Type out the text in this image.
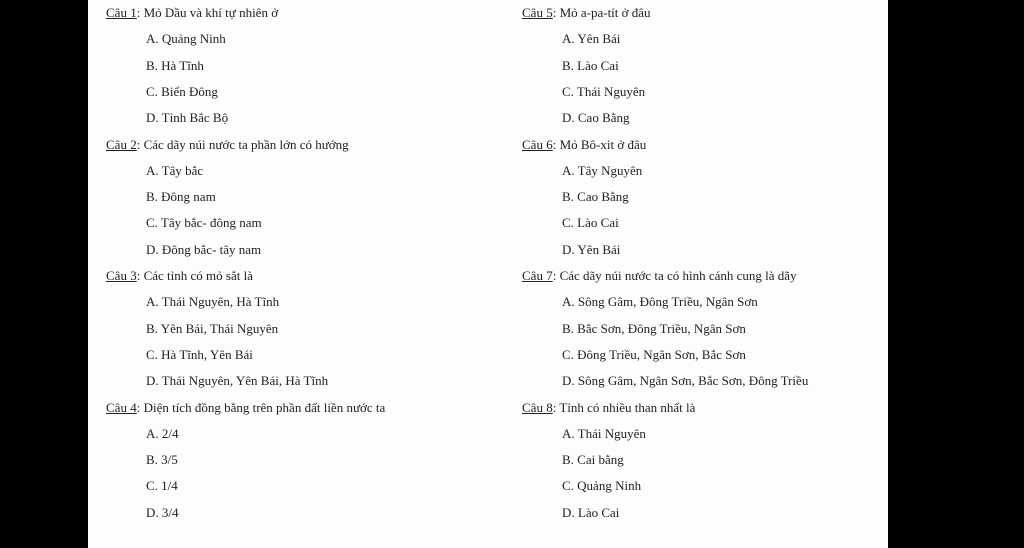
Câu 1: Mỏ Dầu và khí tự nhiên ở
A. Quảng Ninh
B. Hà Tĩnh
C. Biển Đông
D. Tỉnh Bắc Bộ
Câu 2: Các dãy núi nước ta phần lớn có hướng
A. Tây bắc
B. Đông nam
C. Tây bắc- đông nam
D. Đông bắc- tây nam
Câu 3: Các tỉnh có mỏ sắt là
A. Thái Nguyên, Hà Tĩnh
B. Yên Bái, Thái Nguyên
C. Hà Tĩnh, Yên Bái
D. Thái Nguyên, Yên Bái, Hà Tĩnh
Câu 4: Diện tích đồng bằng trên phần đất liền nước ta
A. 2/4
B. 3/5
C. 1/4
D. 3/4
Câu 5: Mỏ a-pa-tít ở đâu
A. Yên Bái
B. Lào Cai
C. Thái Nguyên
D. Cao Bằng
Câu 6: Mỏ Bô-xit ở đâu
A. Tây Nguyên
B. Cao Bằng
C. Lào Cai
D. Yên Bái
Câu 7: Các dãy núi nước ta có hình cánh cung là dãy
A. Sông Gâm, Đông Triều, Ngân Sơn
B. Bắc Sơn, Đông Triều, Ngân Sơn
C. Đông Triều, Ngân Sơn, Bắc Sơn
D. Sông Gâm, Ngân Sơn, Bắc Sơn, Đông Triều
Câu 8: Tỉnh có nhiều than nhất là
A. Thái Nguyên
B. Cai bằng
C. Quảng Ninh
D. Lào Cai
